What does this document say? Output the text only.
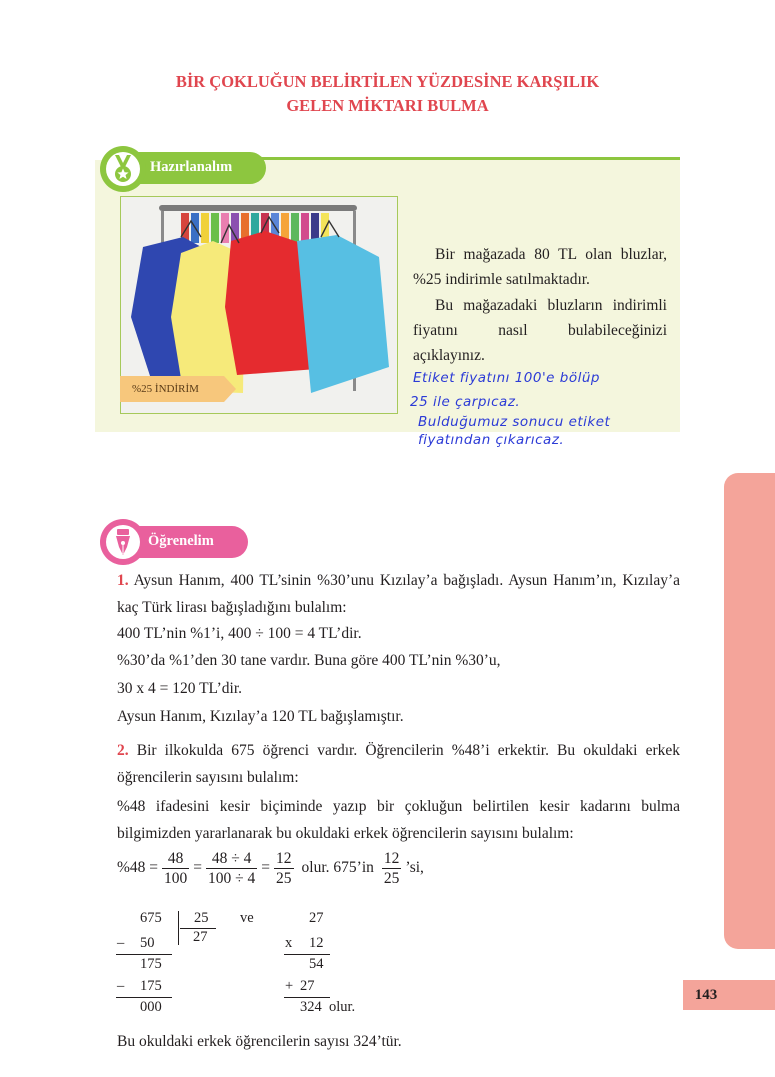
BİR ÇOKLUĞUN BELİRTİLEN YÜZDESİNE KARŞILIK
GELEN MİKTARI BULMA
Hazırlanalım
%25 İNDİRİM
Bir mağazada 80 TL olan bluzlar, %25 indirimle satılmaktadır.
Bu mağazadaki bluzların indirimli fiyatını nasıl bulabileceğinizi açıklayınız.
Etiket fiyatını 100'e bölüp
25 ile çarpıcaz.
Bulduğumuz sonucu etiket
fiyatından çıkarıcaz.
Öğrenelim
1. Aysun Hanım, 400 TL’sinin %30’unu Kızılay’a bağışladı. Aysun Hanım’ın, Kızılay’a kaç Türk lirası bağışladığını bulalım:
400 TL’nin %1’i, 400 ÷ 100 = 4 TL’dir.
%30’da %1’den 30 tane vardır. Buna göre 400 TL’nin %30’u,
30 x 4 = 120 TL’dir.
Aysun Hanım, Kızılay’a 120 TL bağışlamıştır.
2. Bir ilkokulda 675 öğrenci vardır. Öğrencilerin %48’i erkektir. Bu okuldaki erkek öğrencilerin sayısını bulalım:
%48 ifadesini kesir biçiminde yazıp bir çokluğun belirtilen kesir kadarını bulma bilgimizden yararlanarak bu okuldaki erkek öğrencilerin sayısını bulalım:
$\%48 = \frac{48}{100} = \frac{48 \div 4}{100 \div 4} = \frac{12}{25}$ olur. 675’in $\frac{12}{25}$ ’si,
675 25
27
– 50
175
– 175
000
ve	27
x 12
54
+ 27
324 olur.
Bu okuldaki erkek öğrencilerin sayısı 324’tür.
143
